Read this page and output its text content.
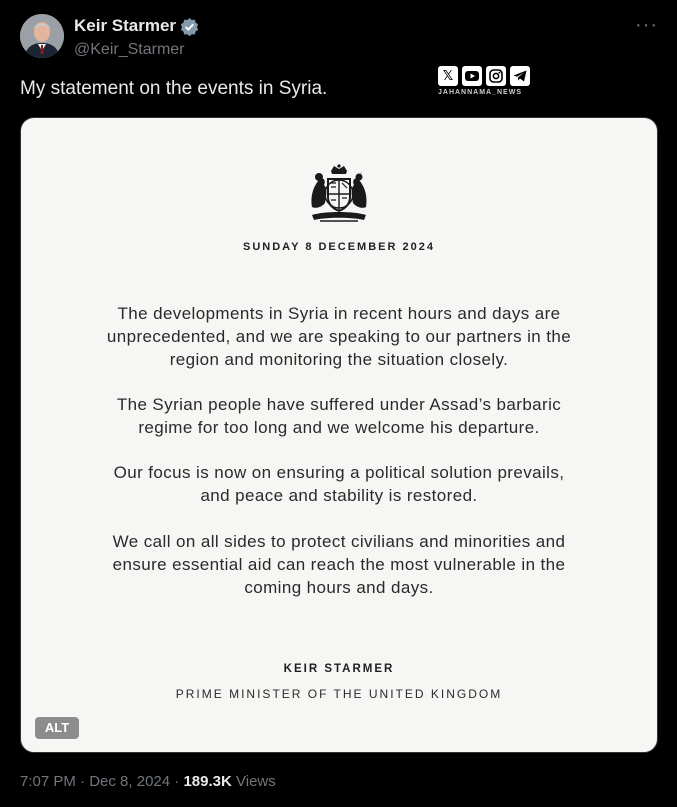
Keir Starmer
@Keir_Starmer
···
My statement on the events in Syria.
𝕏
JAHANNAMA_NEWS
SUNDAY 8 DECEMBER 2024
The developments in Syria in recent hours and days are
unprecedented, and we are speaking to our partners in the
region and monitoring the situation closely.
The Syrian people have suffered under Assad’s barbaric
regime for too long and we welcome his departure.
Our focus is now on ensuring a political solution prevails,
and peace and stability is restored.
We call on all sides to protect civilians and minorities and
ensure essential aid can reach the most vulnerable in the
coming hours and days.
KEIR STARMER
PRIME MINISTER OF THE UNITED KINGDOM
ALT
7:07 PM · Dec 8, 2024 · 189.3K Views
